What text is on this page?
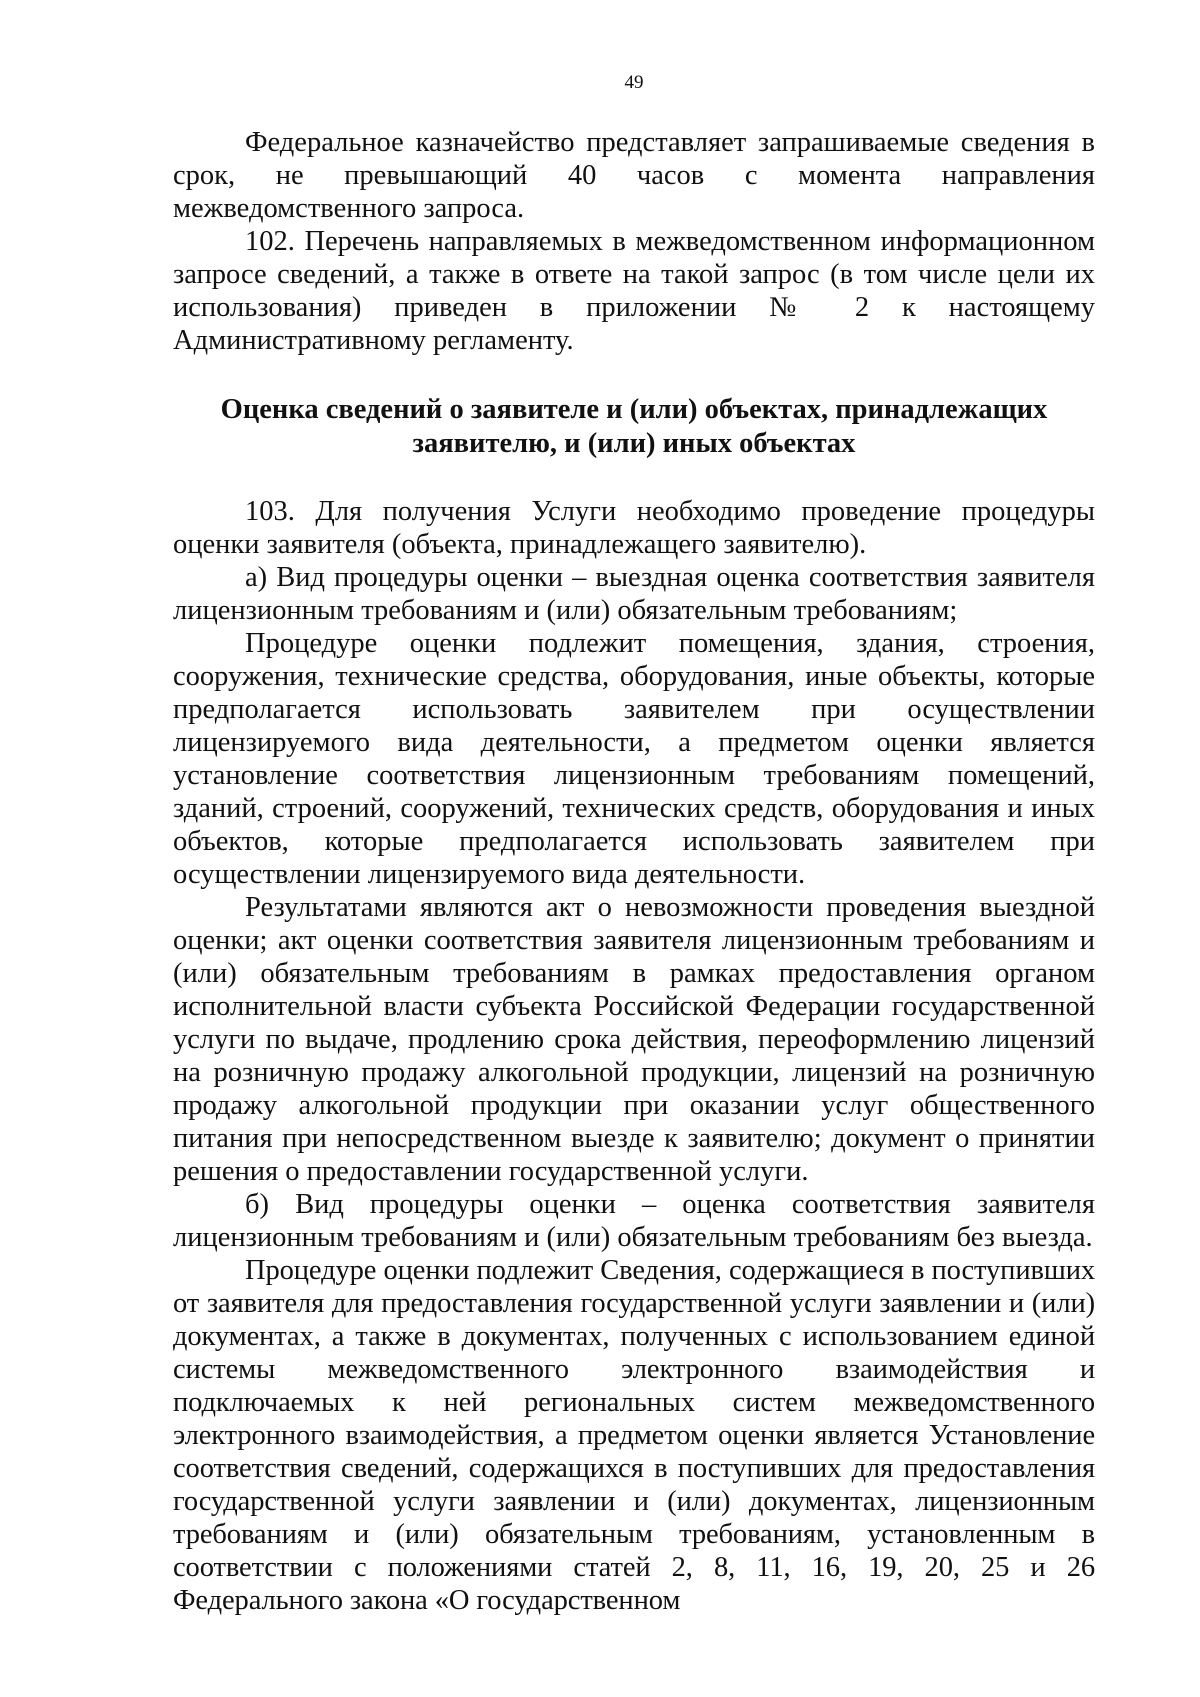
49

Федеральное казначейство представляет запрашиваемые сведения в срок, не превышающий 40 часов с момента направления межведомственного запроса.

102. Перечень направляемых в межведомственном информационном запросе сведений, а также в ответе на такой запрос (в том числе цели их использования) приведен в приложении № 2 к настоящему Административному регламенту.

Оценка сведений о заявителе и (или) объектах, принадлежащих
заявителю, и (или) иных объектах

103. Для получения Услуги необходимо проведение процедуры оценки заявителя (объекта, принадлежащего заявителю).

а) Вид процедуры оценки – выездная оценка соответствия заявителя лицензионным требованиям и (или) обязательным требованиям;

Процедуре оценки подлежит помещения, здания, строения, сооружения, технические средства, оборудования, иные объекты, которые предполагается использовать заявителем при осуществлении лицензируемого вида деятельности, а предметом оценки является установление соответствия лицензионным требованиям помещений, зданий, строений, сооружений, технических средств, оборудования и иных объектов, которые предполагается использовать заявителем при осуществлении лицензируемого вида деятельности.

Результатами являются акт о невозможности проведения выездной оценки; акт оценки соответствия заявителя лицензионным требованиям и (или) обязательным требованиям в рамках предоставления органом исполнительной власти субъекта Российской Федерации государственной услуги по выдаче, продлению срока действия, переоформлению лицензий на розничную продажу алкогольной продукции, лицензий на розничную продажу алкогольной продукции при оказании услуг общественного питания при непосредственном выезде к заявителю; документ о принятии решения о предоставлении государственной услуги.

б) Вид процедуры оценки – оценка соответствия заявителя лицензионным требованиям и (или) обязательным требованиям без выезда.

Процедуре оценки подлежит Сведения, содержащиеся в поступивших от заявителя для предоставления государственной услуги заявлении и (или) документах, а также в документах, полученных с использованием единой системы межведомственного электронного взаимодействия и подключаемых к ней региональных систем межведомственного электронного взаимодействия, а предметом оценки является Установление соответствия сведений, содержащихся в поступивших для предоставления государственной услуги заявлении и (или) документах, лицензионным требованиям и (или) обязательным требованиям, установленным в соответствии с положениями статей 2, 8, 11, 16, 19, 20, 25 и 26 Федерального закона «О государственном
